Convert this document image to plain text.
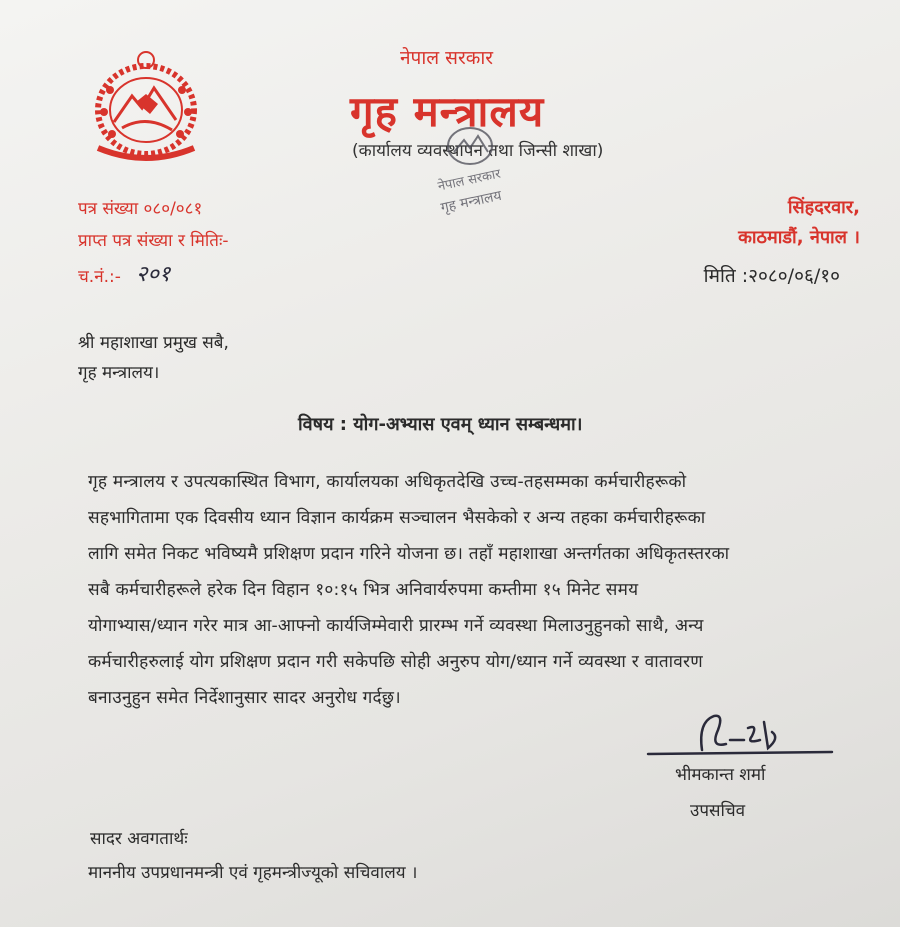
नेपाल सरकार
गृह मन्त्रालय
(कार्यालय व्यवस्थापन तथा जिन्सी शाखा)
नेपाल सरकार
गृह मन्त्रालय
पत्र संख्या ०८०/०८१
प्राप्त पत्र संख्या र मितिः-
च.नं.:- २०१
सिंहदरवार,
काठमाडौं, नेपाल ।
मिति :२०८०/०६/१०
श्री महाशाखा प्रमुख सबै,
गृह मन्त्रालय।
विषय : योग-अभ्यास एवम् ध्यान सम्बन्धमा।
गृह मन्त्रालय र उपत्यकास्थित विभाग, कार्यालयका अधिकृतदेखि उच्च-तहसम्मका कर्मचारीहरूको
सहभागितामा एक दिवसीय ध्यान विज्ञान कार्यक्रम सञ्चालन भैसकेको र अन्य तहका कर्मचारीहरूका
लागि समेत निकट भविष्यमै प्रशिक्षण प्रदान गरिने योजना छ। तहाँ महाशाखा अन्तर्गतका अधिकृतस्तरका
सबै कर्मचारीहरूले हरेक दिन विहान १०:१५ भित्र अनिवार्यरुपमा कम्तीमा १५ मिनेट समय
योगाभ्यास/ध्यान गरेर मात्र आ-आफ्नो कार्यजिम्मेवारी प्रारम्भ गर्ने व्यवस्था मिलाउनुहुनको साथै, अन्य
कर्मचारीहरुलाई योग प्रशिक्षण प्रदान गरी सकेपछि सोही अनुरुप योग/ध्यान गर्ने व्यवस्था र वातावरण
बनाउनुहुन समेत निर्देशानुसार सादर अनुरोध गर्दछु।
भीमकान्त शर्मा
उपसचिव
सादर अवगतार्थः
माननीय उपप्रधानमन्त्री एवं गृहमन्त्रीज्यूको सचिवालय ।
